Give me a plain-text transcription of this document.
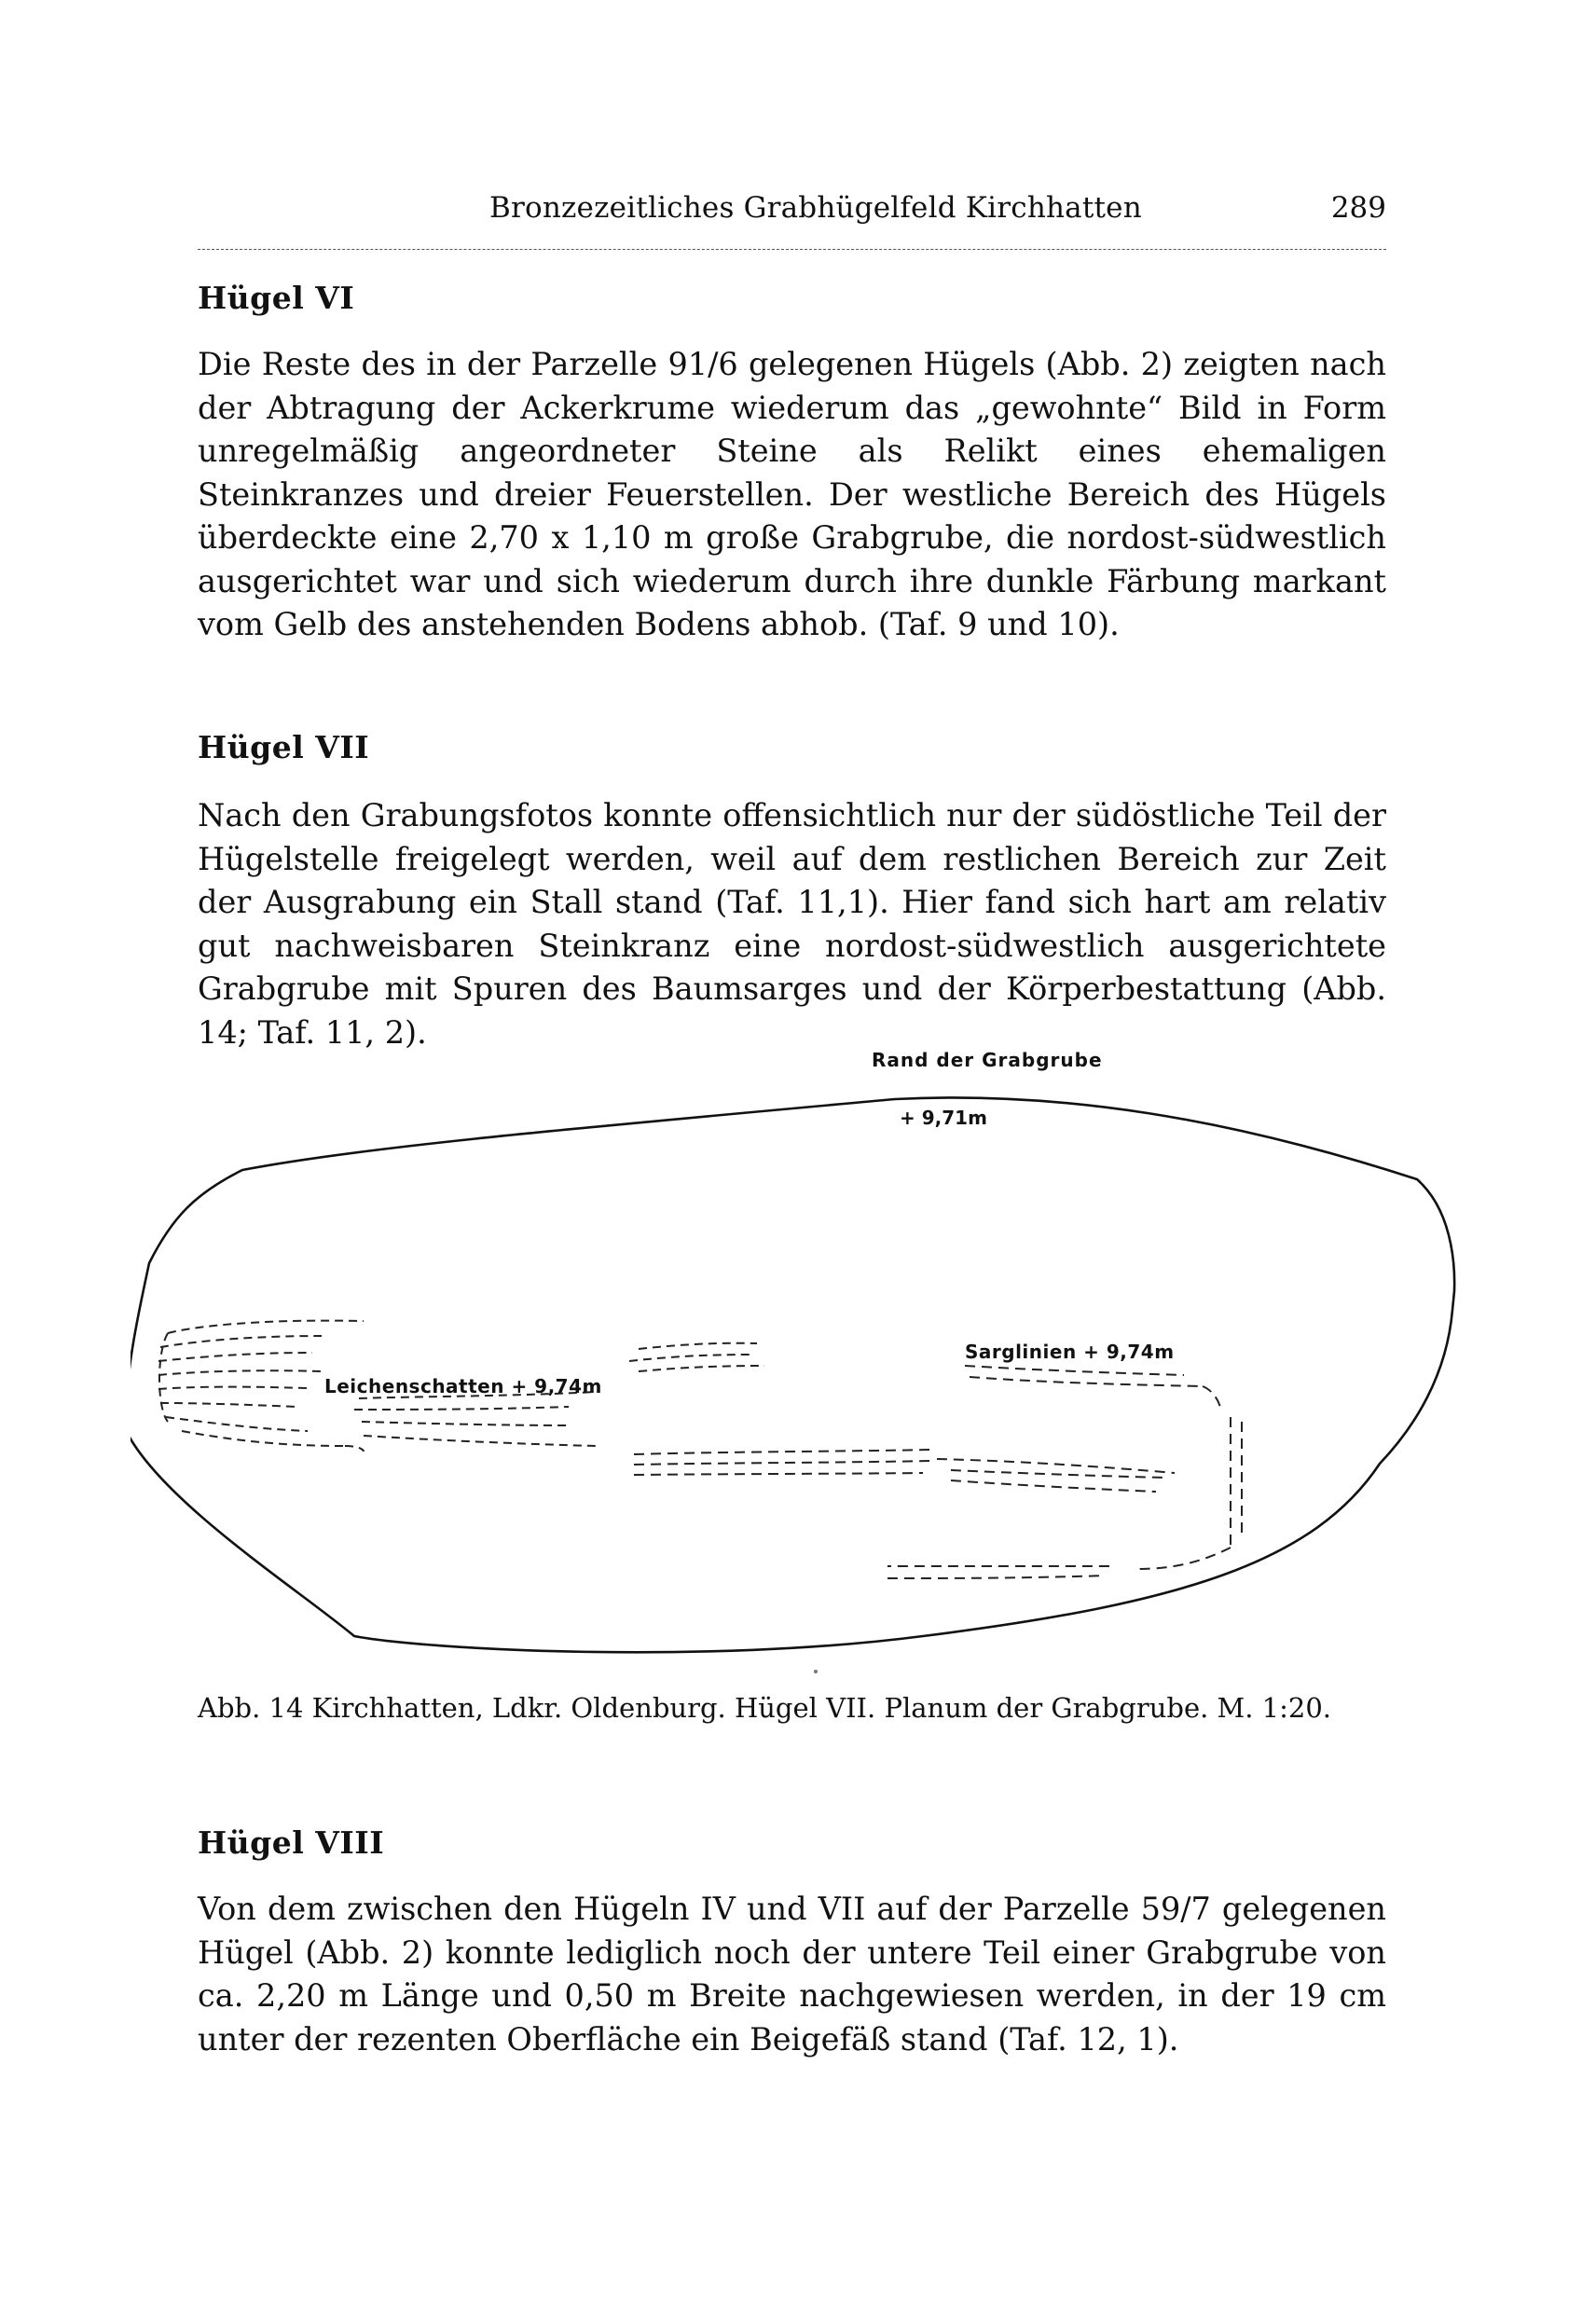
Bronzezeitliches Grabhügelfeld Kirchhatten	289
Hügel VI

Die Reste des in der Parzelle 91/6 gelegenen Hügels (Abb. 2) zeigten nach der Abtragung der Ackerkrume wiederum das „gewohnte“ Bild in Form unregelmäßig angeordneter Steine als Relikt eines ehemaligen Steinkranzes und dreier Feuerstellen. Der westliche Bereich des Hügels überdeckte eine 2,70 x 1,10 m große Grabgrube, die nordost-südwestlich ausgerichtet war und sich wiederum durch ihre dunkle Färbung markant vom Gelb des anstehenden Bodens abhob. (Taf. 9 und 10).

Hügel VII

Nach den Grabungsfotos konnte offensichtlich nur der südöstliche Teil der Hügelstelle freigelegt werden, weil auf dem restlichen Bereich zur Zeit der Ausgrabung ein Stall stand (Taf. 11,1). Hier fand sich hart am relativ gut nachweisbaren Steinkranz eine nordost-südwestlich ausgerichtete Grabgrube mit Spuren des Baumsarges und der Körperbestattung (Abb. 14; Taf. 11, 2).

Rand der Grabgrube
+ 9,71m
Leichenschatten + 9,74m
Sarglinien + 9,74m

Abb. 14 Kirchhatten, Ldkr. Oldenburg. Hügel VII. Planum der Grabgrube. M. 1:20.

Hügel VIII

Von dem zwischen den Hügeln IV und VII auf der Parzelle 59/7 gelegenen Hügel (Abb. 2) konnte lediglich noch der untere Teil einer Grabgrube von ca. 2,20 m Länge und 0,50 m Breite nachgewiesen werden, in der 19 cm unter der rezenten Oberfläche ein Beigefäß stand (Taf. 12, 1).
